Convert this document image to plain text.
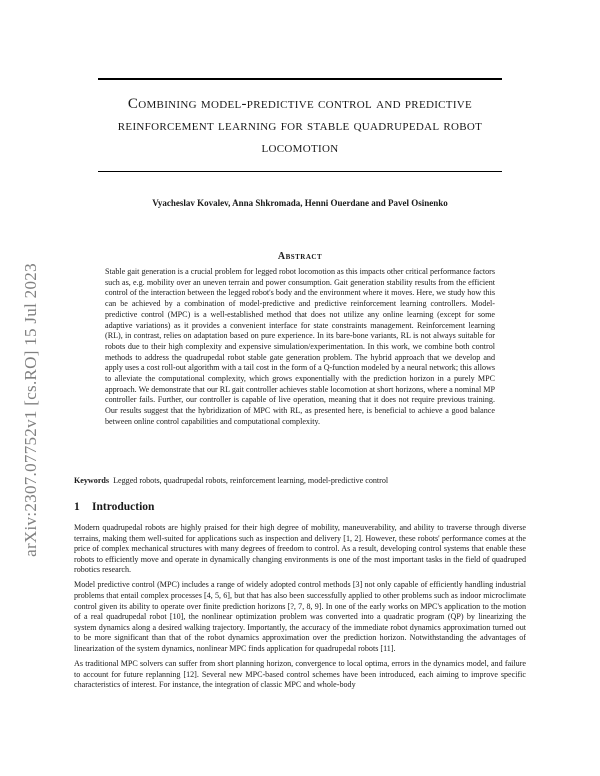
arXiv:2307.07752v1 [cs.RO] 15 Jul 2023
Combining model-predictive control and predictive reinforcement learning for stable quadrupedal robot locomotion
Vyacheslav Kovalev, Anna Shkromada, Henni Ouerdane and Pavel Osinenko
Abstract
Stable gait generation is a crucial problem for legged robot locomotion as this impacts other critical performance factors such as, e.g. mobility over an uneven terrain and power consumption. Gait generation stability results from the efficient control of the interaction between the legged robot's body and the environment where it moves. Here, we study how this can be achieved by a combination of model-predictive and predictive reinforcement learning controllers. Model-predictive control (MPC) is a well-established method that does not utilize any online learning (except for some adaptive variations) as it provides a convenient interface for state constraints management. Reinforcement learning (RL), in contrast, relies on adaptation based on pure experience. In its bare-bone variants, RL is not always suitable for robots due to their high complexity and expensive simulation/experimentation. In this work, we combine both control methods to address the quadrupedal robot stable gate generation problem. The hybrid approach that we develop and apply uses a cost roll-out algorithm with a tail cost in the form of a Q-function modeled by a neural network; this allows to alleviate the computational complexity, which grows exponentially with the prediction horizon in a purely MPC approach. We demonstrate that our RL gait controller achieves stable locomotion at short horizons, where a nominal MP controller fails. Further, our controller is capable of live operation, meaning that it does not require previous training. Our results suggest that the hybridization of MPC with RL, as presented here, is beneficial to achieve a good balance between online control capabilities and computational complexity.
Keywords Legged robots, quadrupedal robots, reinforcement learning, model-predictive control
1 Introduction

Modern quadrupedal robots are highly praised for their high degree of mobility, maneuverability, and ability to traverse through diverse terrains, making them well-suited for applications such as inspection and delivery [1, 2]. However, these robots' performance comes at the price of complex mechanical structures with many degrees of freedom to control. As a result, developing control systems that enable these robots to efficiently move and operate in dynamically changing environments is one of the most important tasks in the field of quadruped robotics research.

Model predictive control (MPC) includes a range of widely adopted control methods [3] not only capable of efficiently handling industrial problems that entail complex processes [4, 5, 6], but that has also been successfully applied to other problems such as indoor microclimate control given its ability to operate over finite prediction horizons [?, 7, 8, 9]. In one of the early works on MPC's application to the motion of a real quadrupedal robot [10], the nonlinear optimization problem was converted into a quadratic program (QP) by linearizing the system dynamics along a desired walking trajectory. Importantly, the accuracy of the immediate robot dynamics approximation turned out to be more significant than that of the robot dynamics approximation over the prediction horizon. Notwithstanding the advantages of linearization of the system dynamics, nonlinear MPC finds application for quadrupedal robots [11].

As traditional MPC solvers can suffer from short planning horizon, convergence to local optima, errors in the dynamics model, and failure to account for future replanning [12]. Several new MPC-based control schemes have been introduced, each aiming to improve specific characteristics of interest. For instance, the integration of classic MPC and whole-body
